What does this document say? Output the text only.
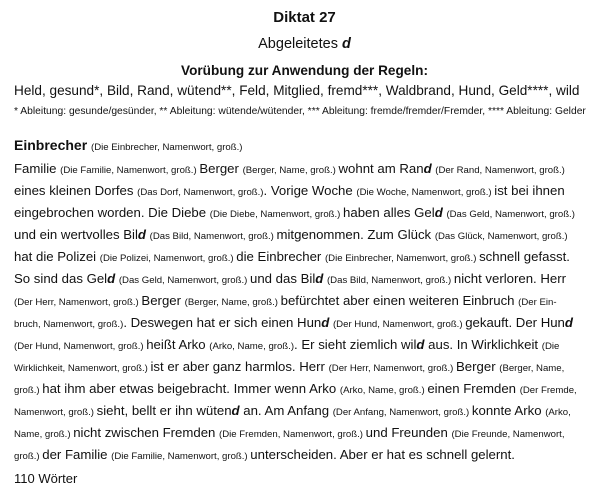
Diktat 27
Abgeleitetes d
Vorübung zur Anwendung der Regeln:
Held, gesund*, Bild, Rand, wütend**, Feld, Mitglied, fremd***, Waldbrand, Hund, Geld****, wild
* Ableitung: gesunde/gesünder, ** Ableitung: wütende/wütender, *** Ableitung: fremde/fremder/Fremder, **** Ableitung: Gelder
Einbrecher (Die Einbrecher, Namenwort, groß.)
Familie (Die Familie, Namenwort, groß.) Berger (Berger, Name, groß.) wohnt am Rand (Der Rand, Namenwort, groß.)
eines kleinen Dorfes (Das Dorf, Namenwort, groß.). Vorige Woche (Die Woche, Namenwort, groß.) ist bei ihnen
eingebrochen worden. Die Diebe (Die Diebe, Namenwort, groß.) haben alles Geld (Das Geld, Namenwort, groß.)
und ein wertvolles Bild (Das Bild, Namenwort, groß.) mitgenommen. Zum Glück (Das Glück, Namenwort, groß.)
hat die Polizei (Die Polizei, Namenwort, groß.) die Einbrecher (Die Einbrecher, Namenwort, groß.) schnell gefasst.
So sind das Geld (Das Geld, Namenwort, groß.) und das Bild (Das Bild, Namenwort, groß.) nicht verloren. Herr
(Der Herr, Namenwort, groß.) Berger (Berger, Name, groß.) befürchtet aber einen weiteren Einbruch (Der Ein-
bruch, Namenwort, groß.). Deswegen hat er sich einen Hund (Der Hund, Namenwort, groß.) gekauft. Der Hund
(Der Hund, Namenwort, groß.) heißt Arko (Arko, Name, groß.). Er sieht ziemlich wild aus. In Wirklichkeit (Die
Wirklichkeit, Namenwort, groß.) ist er aber ganz harmlos. Herr (Der Herr, Namenwort, groß.) Berger (Berger, Name,
groß.) hat ihm aber etwas beigebracht. Immer wenn Arko (Arko, Name, groß.) einen Fremden (Der Fremde,
Namenwort, groß.) sieht, bellt er ihn wütend an. Am Anfang (Der Anfang, Namenwort, groß.) konnte Arko (Arko,
Name, groß.) nicht zwischen Fremden (Die Fremden, Namenwort, groß.) und Freunden (Die Freunde, Namenwort,
groß.) der Familie (Die Familie, Namenwort, groß.) unterscheiden. Aber er hat es schnell gelernt.
110 Wörter
